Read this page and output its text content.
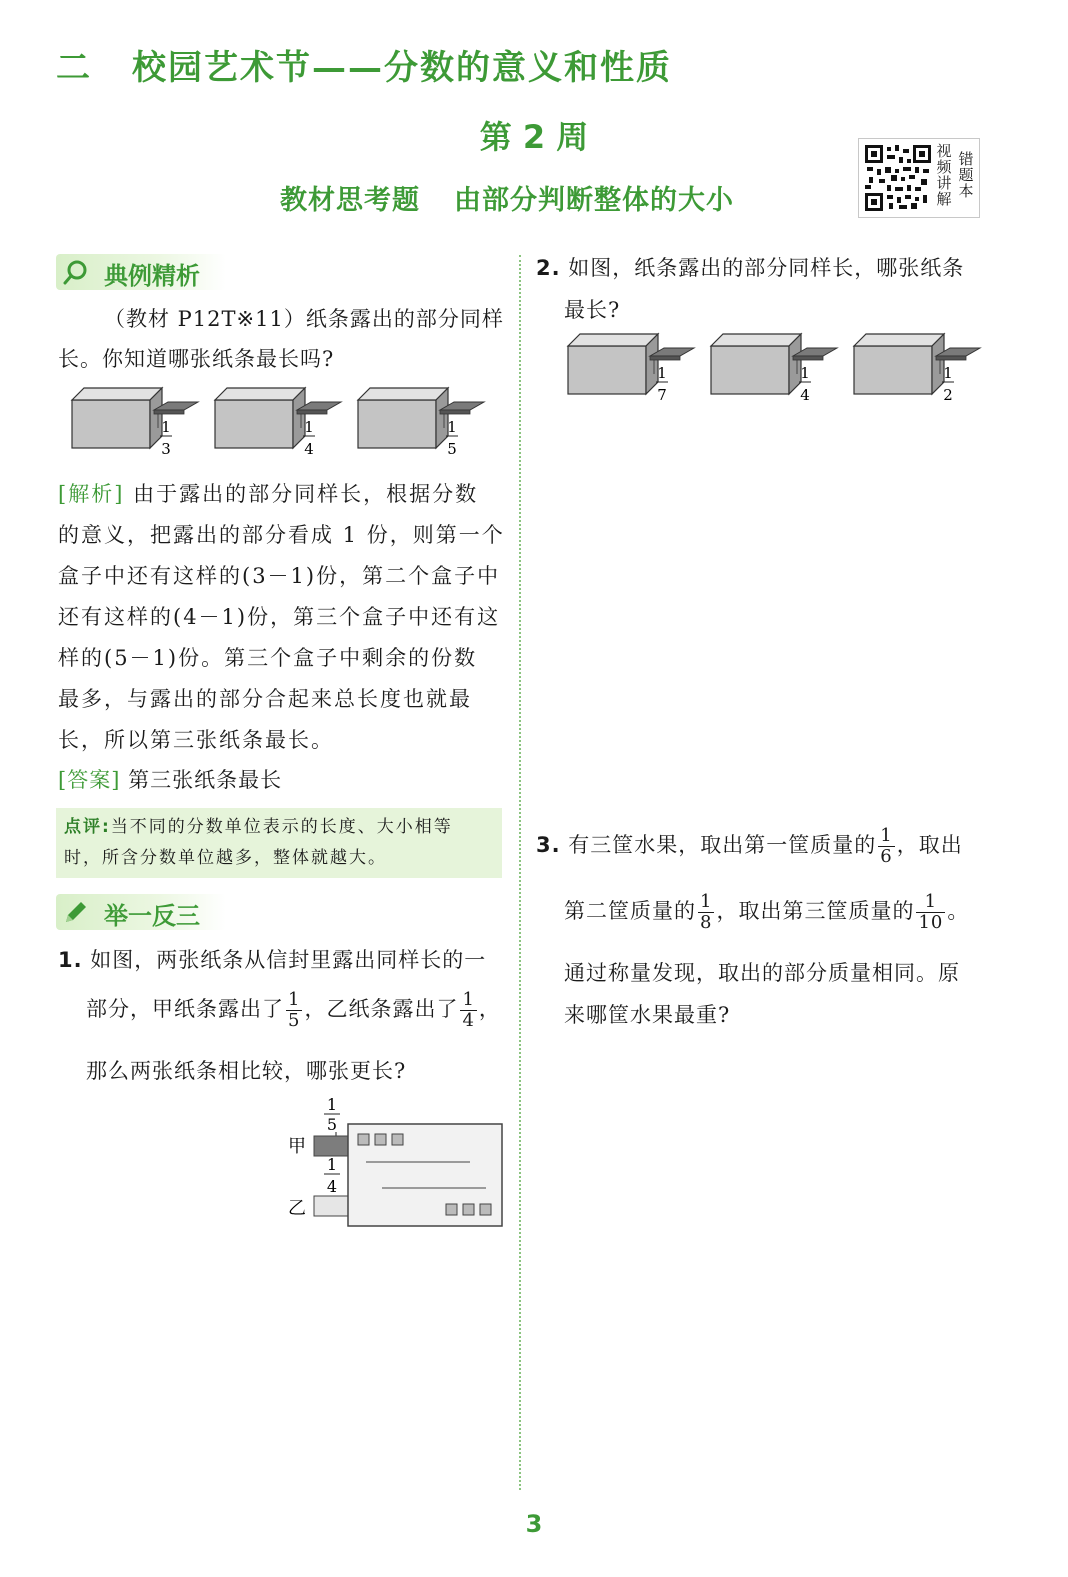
二 校园艺术节——分数的意义和性质
第 2 周
教材思考题 由部分判断整体的大小
视
频
讲
解
错
题
本
典例精析
（教材 P12T※11）纸条露出的部分同样
长。你知道哪张纸条最长吗?
1
3
1
4
1
5
[解析] 由于露出的部分同样长，根据分数
的意义，把露出的部分看成 1 份，则第一个
盒子中还有这样的(3－1)份，第二个盒子中
还有这样的(4－1)份，第三个盒子中还有这
样的(5－1)份。第三个盒子中剩余的份数
最多，与露出的部分合起来总长度也就最
长，所以第三张纸条最长。
[答案] 第三张纸条最长
点评:当不同的分数单位表示的长度、大小相等
时，所含分数单位越多，整体就越大。
举一反三
1. 如图，两张纸条从信封里露出同样长的一
部分，甲纸条露出了 $\frac{1}{5}$ ，乙纸条露出了 $\frac{1}{4}$ ，
那么两张纸条相比较，哪张更长?
1
5
甲
1
4
乙
2. 如图，纸条露出的部分同样长，哪张纸条
最长?
1
7
1
4
1
2
3. 有三筐水果，取出第一筐质量的 $\frac{1}{6}$ ，取出
第二筐质量的 $\frac{1}{8}$ ，取出第三筐质量的 $\frac{1}{10}$ 。
通过称量发现，取出的部分质量相同。原
来哪筐水果最重?
3
